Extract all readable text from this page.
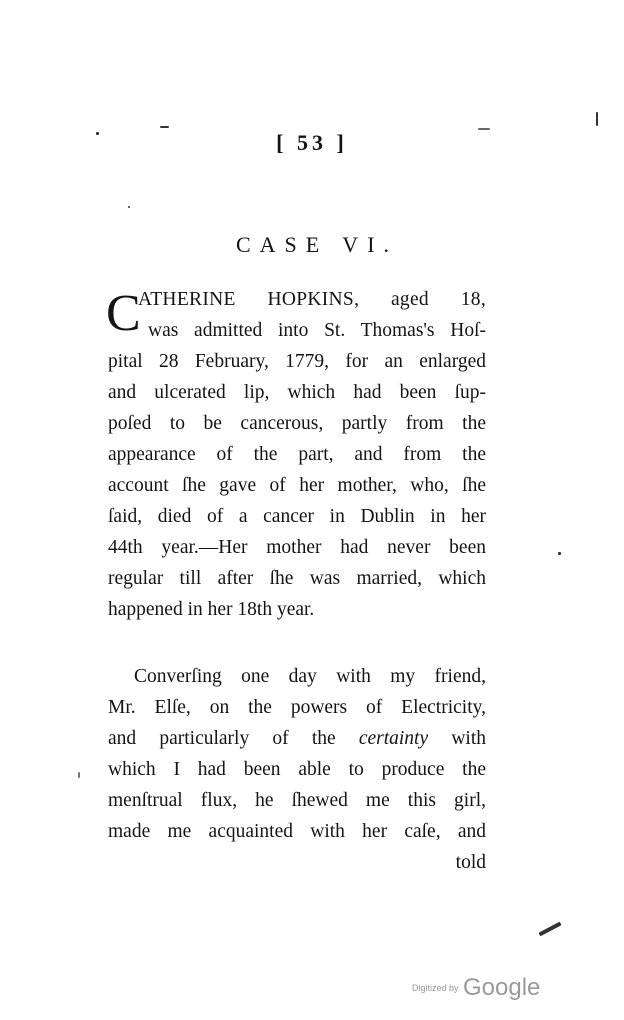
[ 53 ]
CASE VI.
C
ATHERINE HOPKINS, aged 18,
was admitted into St. Thomas's Hoſ-
pital 28 February, 1779, for an enlarged
and ulcerated lip, which had been ſup-
poſed to be cancerous, partly from the
appearance of the part, and from the
account ſhe gave of her mother, who, ſhe
ſaid, died of a cancer in Dublin in her
44th year.—Her mother had never been
regular till after ſhe was married, which
happened in her 18th year.
Converſing one day with my friend,
Mr. Elſe, on the powers of Electricity,
and particularly of the certainty with
which I had been able to produce the
menſtrual flux, he ſhewed me this girl,
made me acquainted with her caſe, and
told
Digitized by Google
